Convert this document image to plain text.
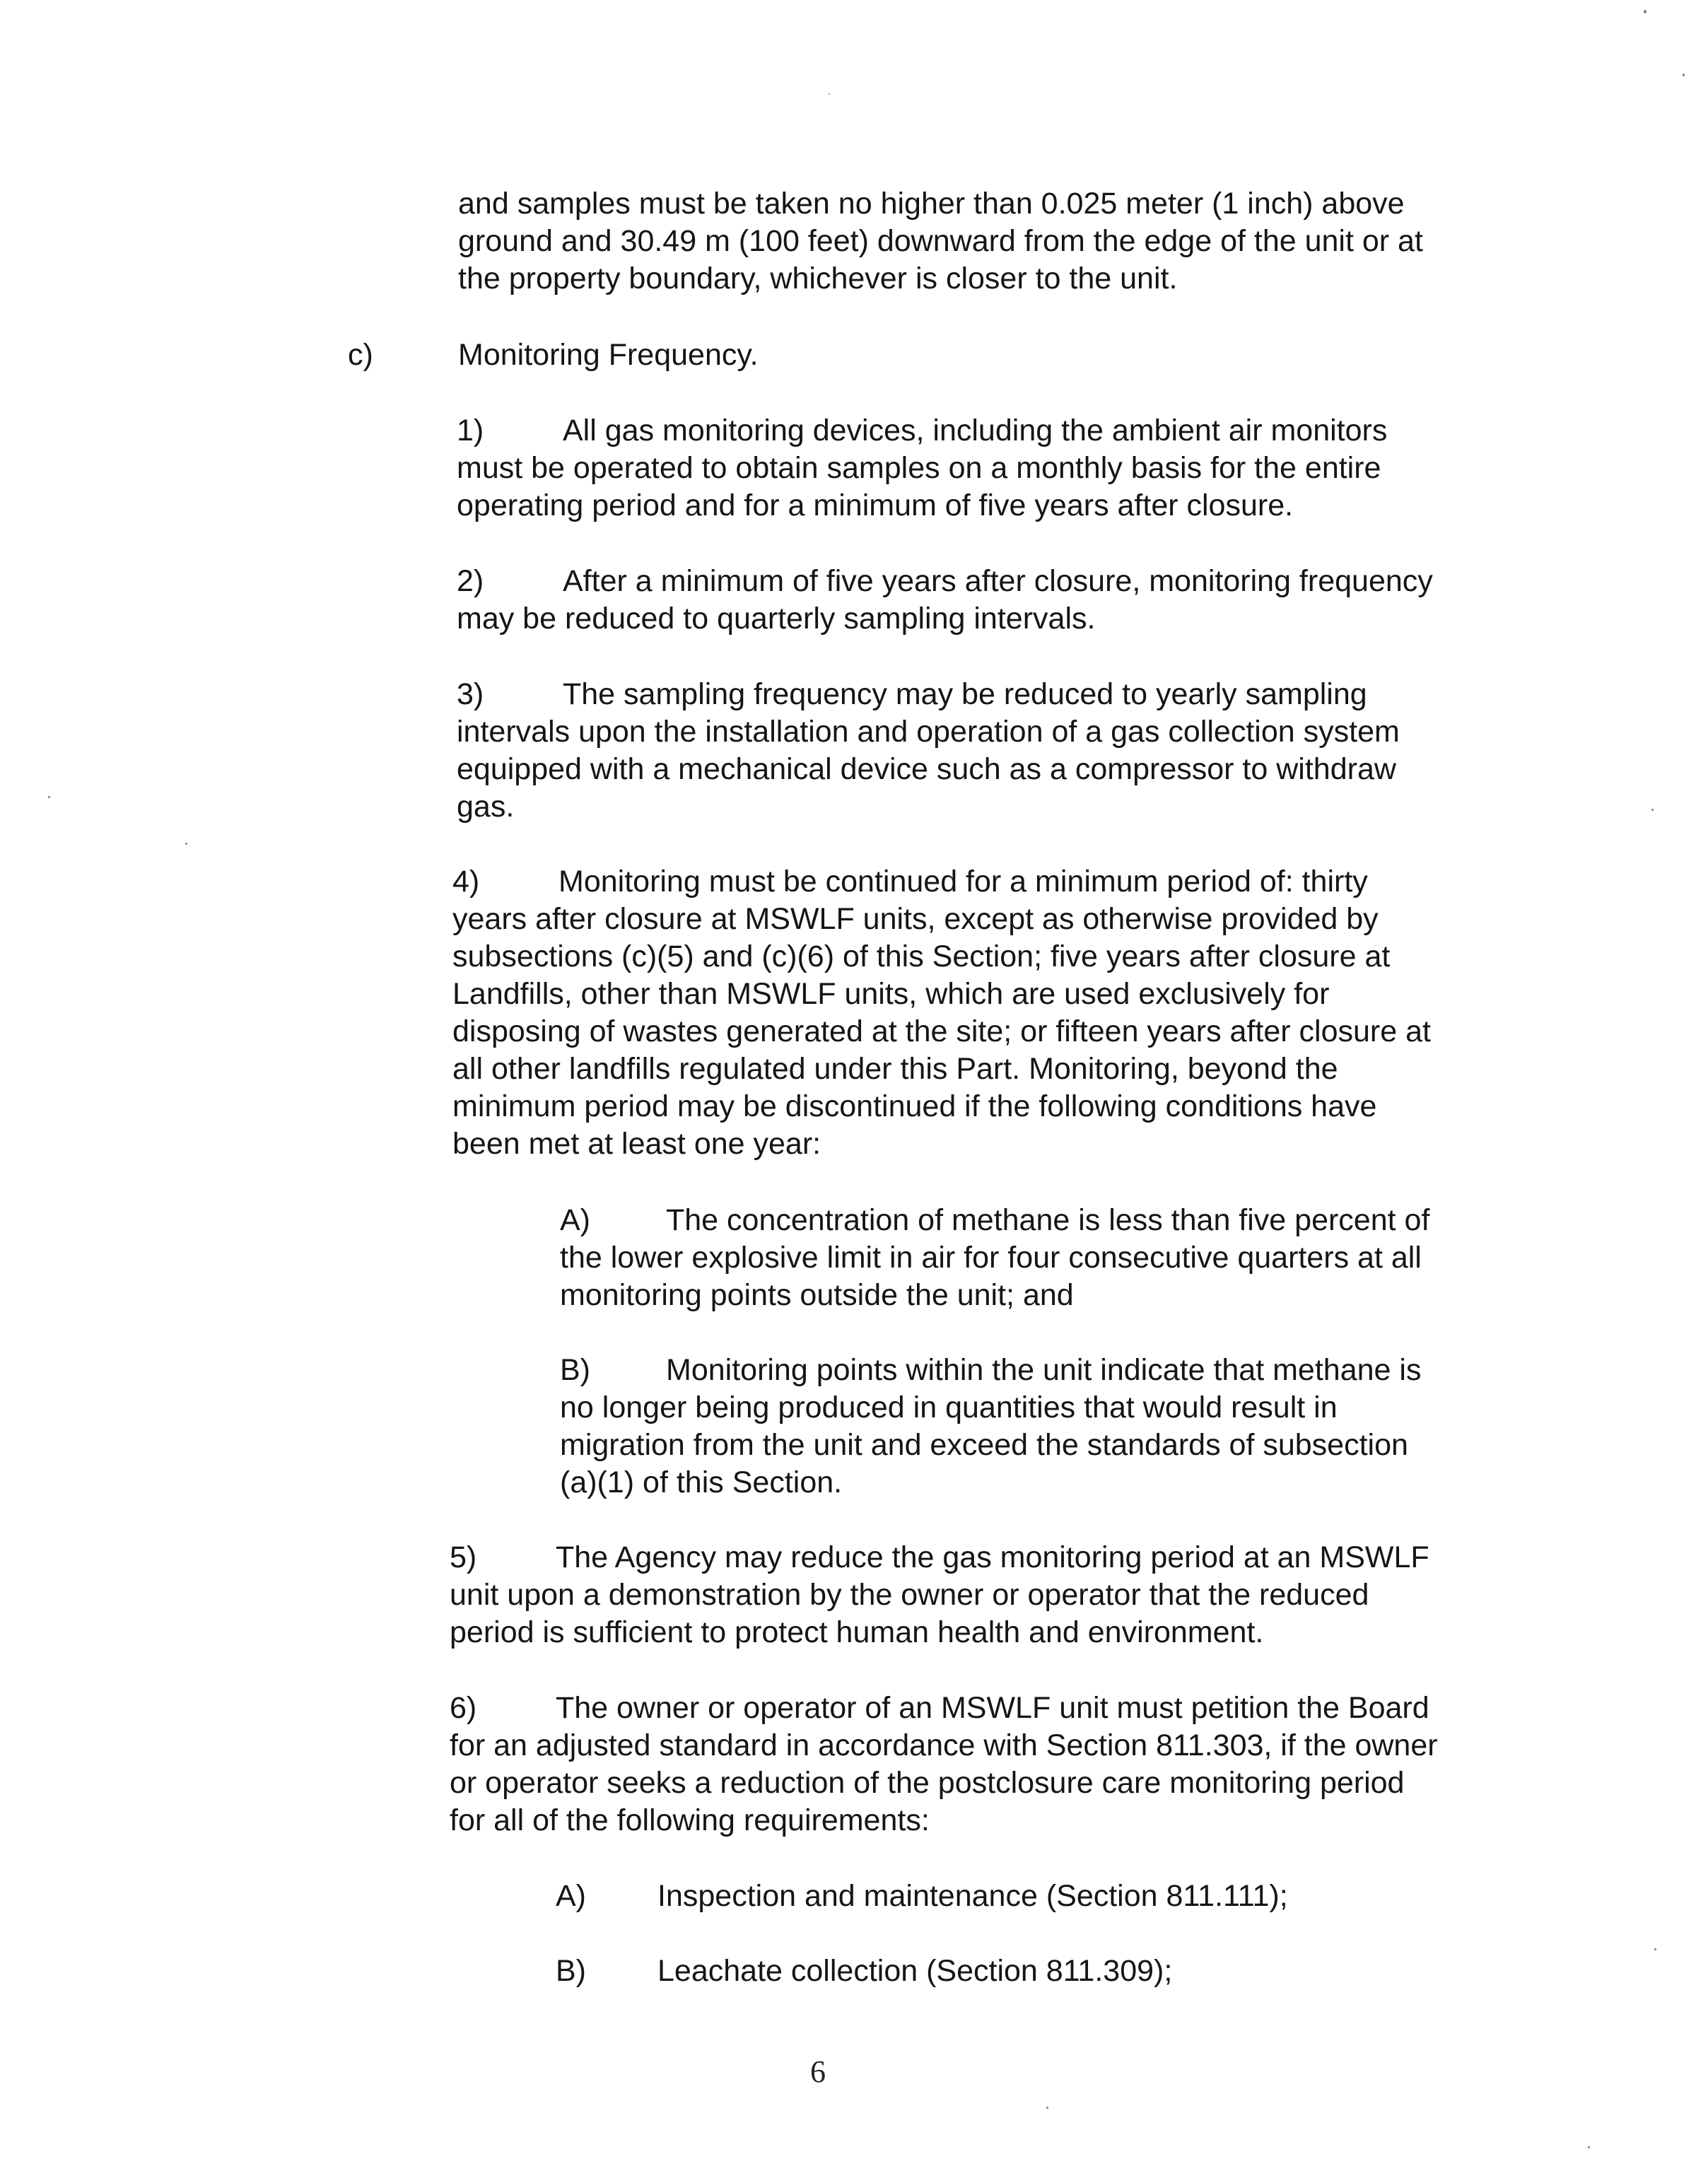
and samples must be taken no higher than 0.025 meter (1 inch) above
ground and 30.49 m (100 feet) downward from the edge of the unit or at
the property boundary, whichever is closer to the unit.
c)	Monitoring Frequency.
1)	All gas monitoring devices, including the ambient air monitors
must be operated to obtain samples on a monthly basis for the entire
operating period and for a minimum of five years after closure.
2)	After a minimum of five years after closure, monitoring frequency
may be reduced to quarterly sampling intervals.
3)	The sampling frequency may be reduced to yearly sampling
intervals upon the installation and operation of a gas collection system
equipped with a mechanical device such as a compressor to withdraw
gas.
4)	Monitoring must be continued for a minimum period of: thirty
years after closure at MSWLF units, except as otherwise provided by
subsections (c)(5) and (c)(6) of this Section; five years after closure at
Landfills, other than MSWLF units, which are used exclusively for
disposing of wastes generated at the site; or fifteen years after closure at
all other landfills regulated under this Part. Monitoring, beyond the
minimum period may be discontinued if the following conditions have
been met at least one year:
A) The concentration of methane is less than five percent of
the lower explosive limit in air for four consecutive quarters at all
monitoring points outside the unit; and
B) Monitoring points within the unit indicate that methane is
no longer being produced in quantities that would result in
migration from the unit and exceed the standards of subsection
(a)(1) of this Section.
5)	The Agency may reduce the gas monitoring period at an MSWLF
unit upon a demonstration by the owner or operator that the reduced
period is sufficient to protect human health and environment.
6)	The owner or operator of an MSWLF unit must petition the Board
for an adjusted standard in accordance with Section 811.303, if the owner
or operator seeks a reduction of the postclosure care monitoring period
for all of the following requirements:
A) Inspection and maintenance (Section 811.111);
B) Leachate collection (Section 811.309);
6
